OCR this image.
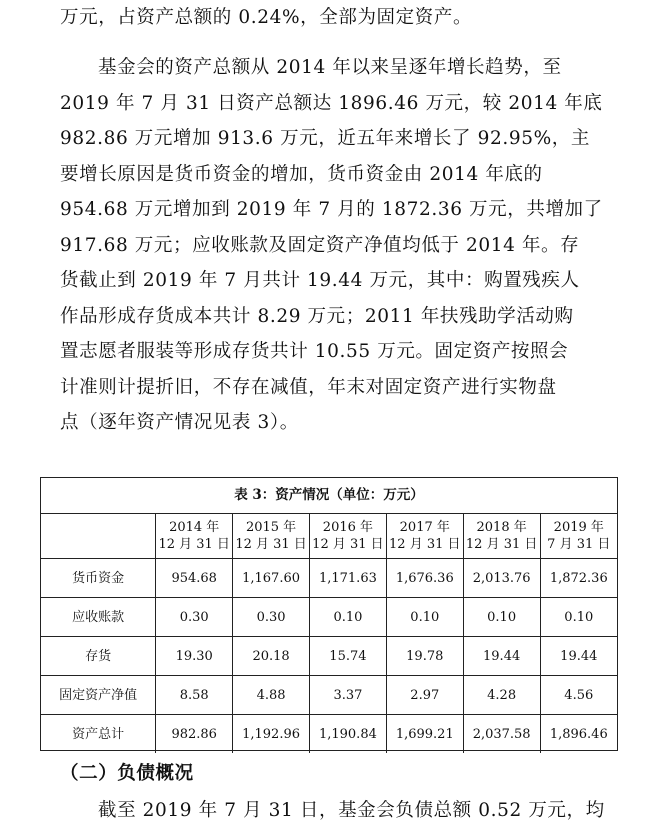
万元，占资产总额的 0.24%，全部为固定资产。
基金会的资产总额从 2014 年以来呈逐年增长趋势，至
2019 年 7 月 31 日资产总额达 1896.46 万元，较 2014 年底
982.86 万元增加 913.6 万元，近五年来增长了 92.95%，主
要增长原因是货币资金的增加，货币资金由 2014 年底的
954.68 万元增加到 2019 年 7 月的 1872.36 万元，共增加了
917.68 万元；应收账款及固定资产净值均低于 2014 年。存
货截止到 2019 年 7 月共计 19.44 万元，其中：购置残疾人
作品形成存货成本共计 8.29 万元；2011 年扶残助学活动购
置志愿者服装等形成存货共计 10.55 万元。固定资产按照会
计准则计提折旧，不存在减值，年末对固定资产进行实物盘
点（逐年资产情况见表 3）。
表 3：资产情况（单位：万元）
	2014 年
12 月 31 日	2015 年
12 月 31 日	2016 年
12 月 31 日	2017 年
12 月 31 日	2018 年
12 月 31 日	2019 年
7 月 31 日
货币资金	954.68	1,167.60	1,171.63	1,676.36	2,013.76	1,872.36
应收账款	0.30	0.30	0.10	0.10	0.10	0.10
存货	19.30	20.18	15.74	19.78	19.44	19.44
固定资产净值	8.58	4.88	3.37	2.97	4.28	4.56
资产总计	982.86	1,192.96	1,190.84	1,699.21	2,037.58	1,896.46
（二）负债概况
截至 2019 年 7 月 31 日，基金会负债总额 0.52 万元，均
